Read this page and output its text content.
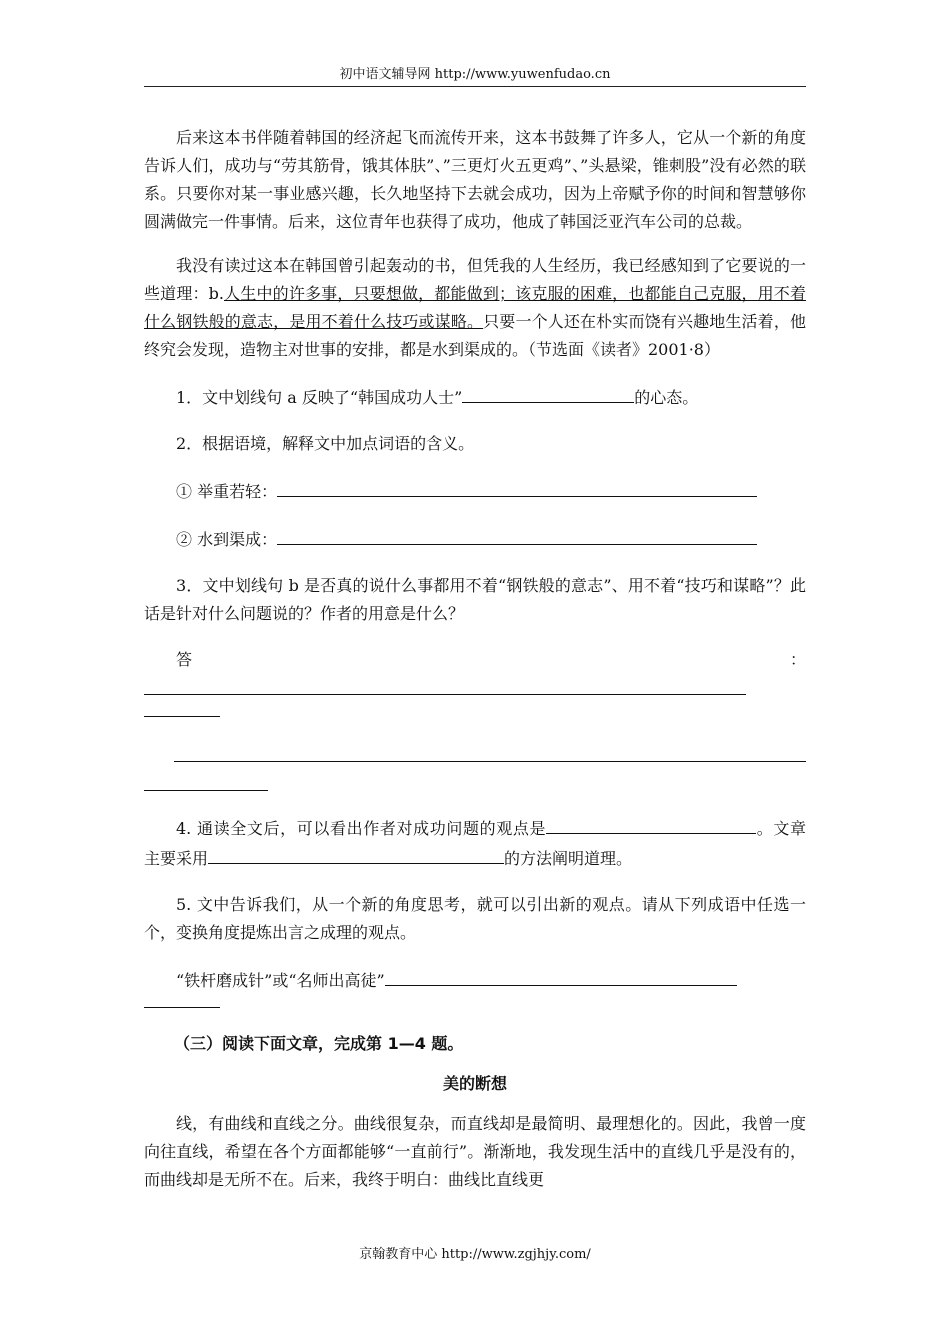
初中语文辅导网 http://www.yuwenfudao.cn

后来这本书伴随着韩国的经济起飞而流传开来，这本书鼓舞了许多人，它从一个新的角度告诉人们，成功与“劳其筋骨，饿其体肤”、”三更灯火五更鸡”、”头悬梁，锥刺股”没有必然的联系。只要你对某一事业感兴趣，长久地坚持下去就会成功，因为上帝赋予你的时间和智慧够你圆满做完一件事情。后来，这位青年也获得了成功，他成了韩国泛亚汽车公司的总裁。

我没有读过这本在韩国曾引起轰动的书，但凭我的人生经历，我已经感知到了它要说的一些道理：b.人生中的许多事，只要想做，都能做到；该克服的困难，也都能自己克服，用不着什么钢铁般的意志，是用不着什么技巧或谋略。只要一个人还在朴实而饶有兴趣地生活着，他终究会发现，造物主对世事的安排，都是水到渠成的。（节选面《读者》2001·8）

1．文中划线句 a 反映了“韩国成功人士”	的心态。

2．根据语境，解释文中加点词语的含义。

① 举重若轻：

② 水到渠成：

3．文中划线句 b 是否真的说什么事都用不着“钢铁般的意志”、用不着“技巧和谋略”？此话是针对什么问题说的？作者的用意是什么？

答：

4. 通读全文后，可以看出作者对成功问题的观点是	。文章主要采用	的方法阐明道理。

5. 文中告诉我们，从一个新的角度思考，就可以引出新的观点。请从下列成语中任选一个，变换角度提炼出言之成理的观点。

“铁杆磨成针”或“名师出高徒”

（三）阅读下面文章，完成第 1—4 题。

美的断想

线，有曲线和直线之分。曲线很复杂，而直线却是最简明、最理想化的。因此，我曾一度向往直线，希望在各个方面都能够“一直前行”。渐渐地，我发现生活中的直线几乎是没有的，而曲线却是无所不在。后来，我终于明白：曲线比直线更

京翰教育中心 http://www.zgjhjy.com/
